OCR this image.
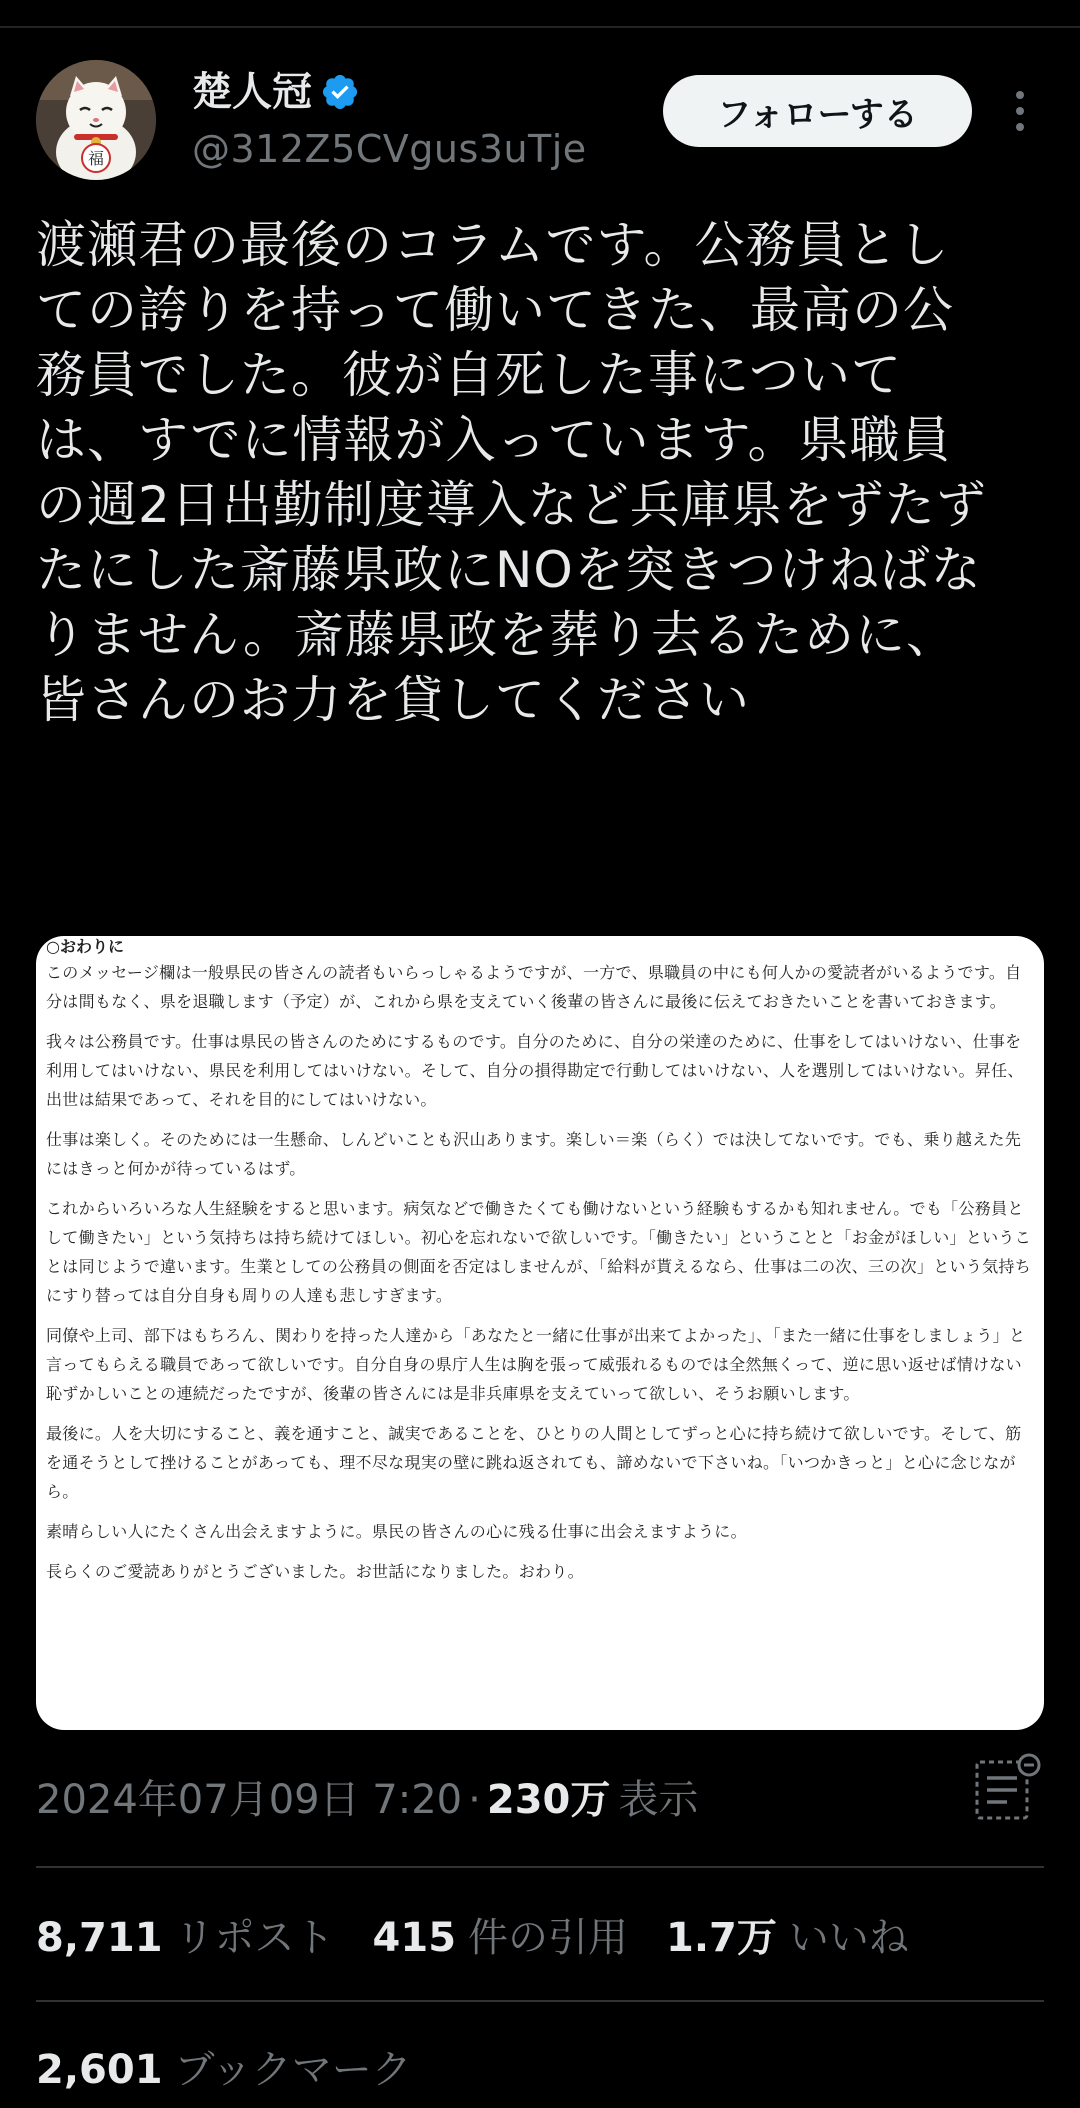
福
楚人冠
@312Z5CVgus3uTje
フォローする
渡瀬君の最後のコラムです。公務員とし
ての誇りを持って働いてきた、最高の公
務員でした。彼が自死した事について
は、すでに情報が入っています。県職員
の週2日出勤制度導入など兵庫県をずたず
たにした斎藤県政にNOを突きつけねばな
りません。斎藤県政を葬り去るために、
皆さんのお力を貸してください

○おわりに

このメッセージ欄は一般県民の皆さんの読者もいらっしゃるようですが、一方で、県職員の中にも何人かの愛読者がいるようです。自分は間もなく、県を退職します（予定）が、これから県を支えていく後輩の皆さんに最後に伝えておきたいことを書いておきます。

我々は公務員です。仕事は県民の皆さんのためにするものです。自分のために、自分の栄達のために、仕事をしてはいけない、仕事を利用してはいけない、県民を利用してはいけない。そして、自分の損得勘定で行動してはいけない、人を選別してはいけない。昇任、出世は結果であって、それを目的にしてはいけない。

仕事は楽しく。そのためには一生懸命、しんどいことも沢山あります。楽しい＝楽（らく）では決してないです。でも、乗り越えた先にはきっと何かが待っているはず。

これからいろいろな人生経験をすると思います。病気などで働きたくても働けないという経験もするかも知れません。でも「公務員として働きたい」という気持ちは持ち続けてほしい。初心を忘れないで欲しいです。「働きたい」ということと「お金がほしい」ということは同じようで違います。生業としての公務員の側面を否定はしませんが、「給料が貰えるなら、仕事は二の次、三の次」という気持ちにすり替っては自分自身も周りの人達も悲しすぎます。

同僚や上司、部下はもちろん、関わりを持った人達から「あなたと一緒に仕事が出来てよかった」、「また一緒に仕事をしましょう」と言ってもらえる職員であって欲しいです。自分自身の県庁人生は胸を張って威張れるものでは全然無くって、逆に思い返せば情けない恥ずかしいことの連続だったですが、後輩の皆さんには是非兵庫県を支えていって欲しい、そうお願いします。

最後に。人を大切にすること、義を通すこと、誠実であることを、ひとりの人間としてずっと心に持ち続けて欲しいです。そして、筋を通そうとして挫けることがあっても、理不尽な現実の壁に跳ね返されても、諦めないで下さいね。「いつかきっと」と心に念じながら。

素晴らしい人にたくさん出会えますように。県民の皆さんの心に残る仕事に出会えますように。

長らくのご愛読ありがとうございました。お世話になりました。おわり。

2024年07月09日 7:20 · 230万 表示
8,711 リポスト 415 件の引用 1.7万 いいね
2,601 ブックマーク
